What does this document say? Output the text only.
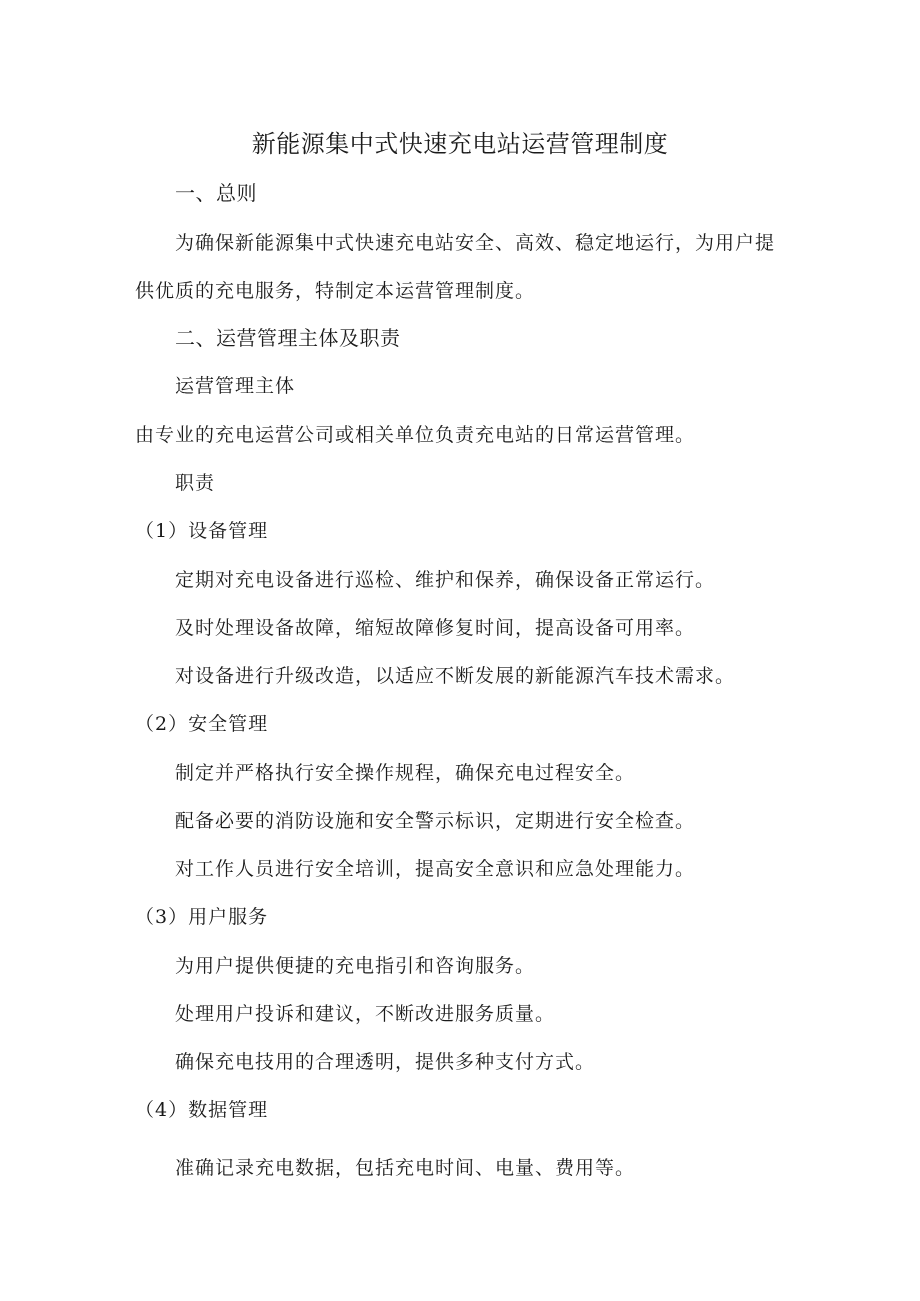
新能源集中式快速充电站运营管理制度
一、总则
为确保新能源集中式快速充电站安全、高效、稳定地运行，为用户提
供优质的充电服务，特制定本运营管理制度。
二、运营管理主体及职责
运营管理主体
由专业的充电运营公司或相关单位负责充电站的日常运营管理。
职责
（1）设备管理
定期对充电设备进行巡检、维护和保养，确保设备正常运行。
及时处理设备故障，缩短故障修复时间，提高设备可用率。
对设备进行升级改造，以适应不断发展的新能源汽车技术需求。
（2）安全管理
制定并严格执行安全操作规程，确保充电过程安全。
配备必要的消防设施和安全警示标识，定期进行安全检查。
对工作人员进行安全培训，提高安全意识和应急处理能力。
（3）用户服务
为用户提供便捷的充电指引和咨询服务。
处理用户投诉和建议，不断改进服务质量。
确保充电技用的合理透明，提供多种支付方式。
（4）数据管理
准确记录充电数据，包括充电时间、电量、费用等。
